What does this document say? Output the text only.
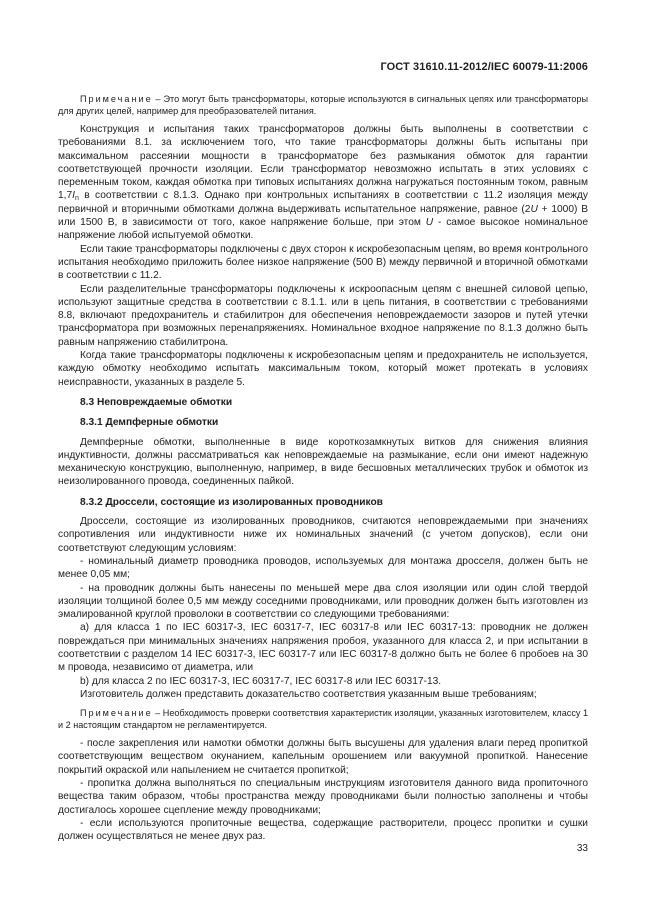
ГОСТ 31610.11-2012/IEC 60079-11:2006

Примечание – Это могут быть трансформаторы, которые используются в сигнальных цепях или трансформаторы для других целей, например для преобразователей питания.

Конструкция и испытания таких трансформаторов должны быть выполнены в соответствии с требованиями 8.1. за исключением того, что такие трансформаторы должны быть испытаны при максимальном рассеянии мощности в трансформаторе без размыкания обмоток для гарантии соответствующей прочности изоляции. Если трансформатор невозможно испытать в этих условиях с переменным током, каждая обмотка при типовых испытаниях должна нагружаться постоянным током, равным $1,7I_n$ в соответствии с 8.1.3. Однако при контрольных испытаниях в соответствии с 11.2 изоляция между первичной и вторичными обмотками должна выдерживать испытательное напряжение, равное (2U + 1000) В или 1500 В, в зависимости от того, какое напряжение больше, при этом U - самое высокое номинальное напряжение любой испытуемой обмотки.

Если такие трансформаторы подключены с двух сторон к искробезопасным цепям, во время контрольного испытания необходимо приложить более низкое напряжение (500 В) между первичной и вторичной обмотками в соответствии с 11.2.

Если разделительные трансформаторы подключены к искроопасным цепям с внешней силовой цепью, используют защитные средства в соответствии с 8.1.1. или в цепь питания, в соответствии с требованиями 8.8, включают предохранитель и стабилитрон для обеспечения неповреждаемости зазоров и путей утечки трансформатора при возможных перенапряжениях. Номинальное входное напряжение по 8.1.3 должно быть равным напряжению стабилитрона.

Когда такие трансформаторы подключены к искробезопасным цепям и предохранитель не используется, каждую обмотку необходимо испытать максимальным током, который может протекать в условиях неисправности, указанных в разделе 5.

8.3 Неповреждаемые обмотки

8.3.1 Демпферные обмотки

Демпферные обмотки, выполненные в виде короткозамкнутых витков для снижения влияния индуктивности, должны рассматриваться как неповреждаемые на размыкание, если они имеют надежную механическую конструкцию, выполненную, например, в виде бесшовных металлических трубок и обмоток из неизолированного провода, соединенных пайкой.

8.3.2 Дроссели, состоящие из изолированных проводников

Дроссели, состоящие из изолированных проводников, считаются неповреждаемыми при значениях сопротивления или индуктивности ниже их номинальных значений (с учетом допусков), если они соответствуют следующим условиям:

- номинальный диаметр проводника проводов, используемых для монтажа дросселя, должен быть не менее 0,05 мм;

- на проводник должны быть нанесены по меньшей мере два слоя изоляции или один слой твердой изоляции толщиной более 0,5 мм между соседними проводниками, или проводник должен быть изготовлен из эмалированной круглой проволоки в соответствии со следующими требованиями:

а) для класса 1 по IEC 60317-3, IEC 60317-7, IEC 60317-8 или IEC 60317-13: проводник не должен повреждаться при минимальных значениях напряжения пробоя, указанного для класса 2, и при испытании в соответствии с разделом 14 IEC 60317-3, IEC 60317-7 или IEC 60317-8 должно быть не более 6 пробоев на 30 м провода, независимо от диаметра, или

b) для класса 2 по IEC 60317-3, IEC 60317-7, IEC 60317-8 или IEC 60317-13.

Изготовитель должен представить доказательство соответствия указанным выше требованиям;

Примечание – Необходимость проверки соответствия характеристик изоляции, указанных изготовителем, классу 1 и 2 настоящим стандартом не регламентируется.

- после закрепления или намотки обмотки должны быть высушены для удаления влаги перед пропиткой соответствующим веществом окунанием, капельным орошением или вакуумной пропиткой. Нанесение покрытий окраской или напылением не считается пропиткой;

- пропитка должна выполняться по специальным инструкциям изготовителя данного вида пропиточного вещества таким образом, чтобы пространства между проводниками были полностью заполнены и чтобы достигалось хорошее сцепление между проводниками;

- если используются пропиточные вещества, содержащие растворители, процесс пропитки и сушки должен осуществляться не менее двух раз.

33
